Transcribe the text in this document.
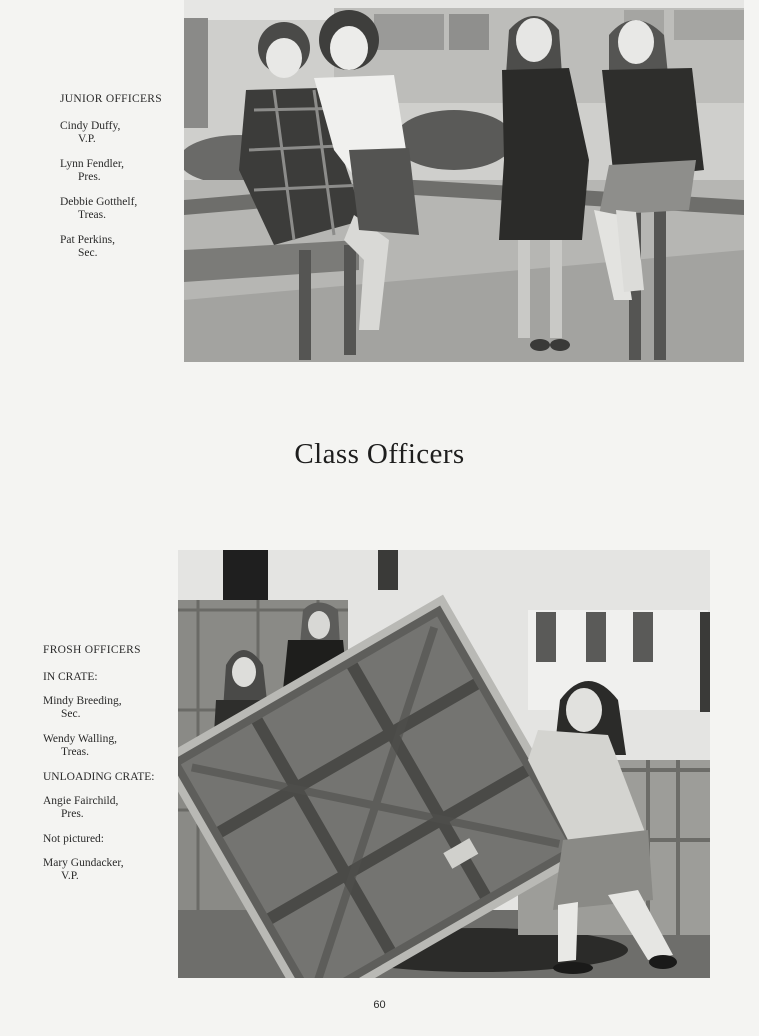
JUNIOR OFFICERS
Cindy Duffy,
V.P.
Lynn Fendler,
Pres.
Debbie Gotthelf,
Treas.
Pat Perkins,
Sec.
Class Officers
FROSH OFFICERS
IN CRATE:
Mindy Breeding,
Sec.
Wendy Walling,
Treas.
UNLOADING CRATE:
Angie Fairchild,
Pres.
Not pictured:
Mary Gundacker,
V.P.
60
